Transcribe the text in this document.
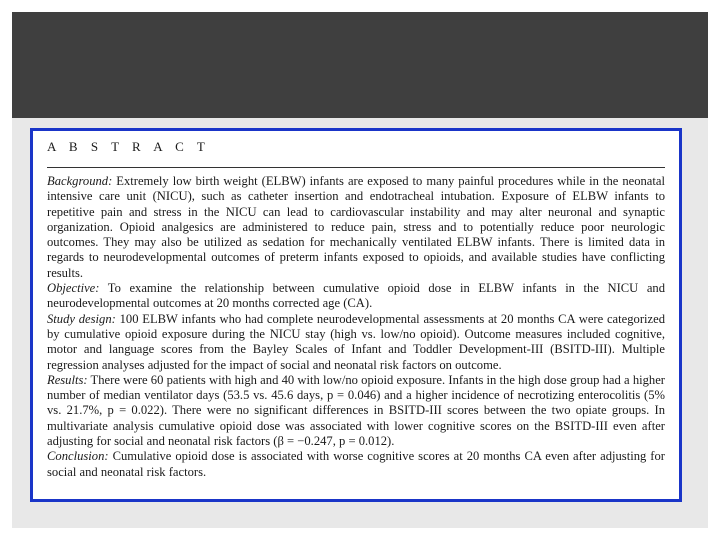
A B S T R A C T

Background: Extremely low birth weight (ELBW) infants are exposed to many painful procedures while in the neonatal intensive care unit (NICU), such as catheter insertion and endotracheal intubation. Exposure of ELBW infants to repetitive pain and stress in the NICU can lead to cardiovascular instability and may alter neuronal and synaptic organization. Opioid analgesics are administered to reduce pain, stress and to potentially reduce poor neurologic outcomes. They may also be utilized as sedation for mechanically ventilated ELBW infants. There is limited data in regards to neurodevelopmental outcomes of preterm infants exposed to opioids, and available studies have conflicting results.

Objective: To examine the relationship between cumulative opioid dose in ELBW infants in the NICU and neurodevelopmental outcomes at 20 months corrected age (CA).

Study design: 100 ELBW infants who had complete neurodevelopmental assessments at 20 months CA were categorized by cumulative opioid exposure during the NICU stay (high vs. low/no opioid). Outcome measures included cognitive, motor and language scores from the Bayley Scales of Infant and Toddler Development-III (BSITD-III). Multiple regression analyses adjusted for the impact of social and neonatal risk factors on outcome.

Results: There were 60 patients with high and 40 with low/no opioid exposure. Infants in the high dose group had a higher number of median ventilator days (53.5 vs. 45.6 days, p = 0.046) and a higher incidence of necrotizing enterocolitis (5% vs. 21.7%, p = 0.022). There were no significant differences in BSITD-III scores between the two opiate groups. In multivariate analysis cumulative opioid dose was associated with lower cognitive scores on the BSITD-III even after adjusting for social and neonatal risk factors (β = −0.247, p = 0.012).

Conclusion: Cumulative opioid dose is associated with worse cognitive scores at 20 months CA even after adjusting for social and neonatal risk factors.
